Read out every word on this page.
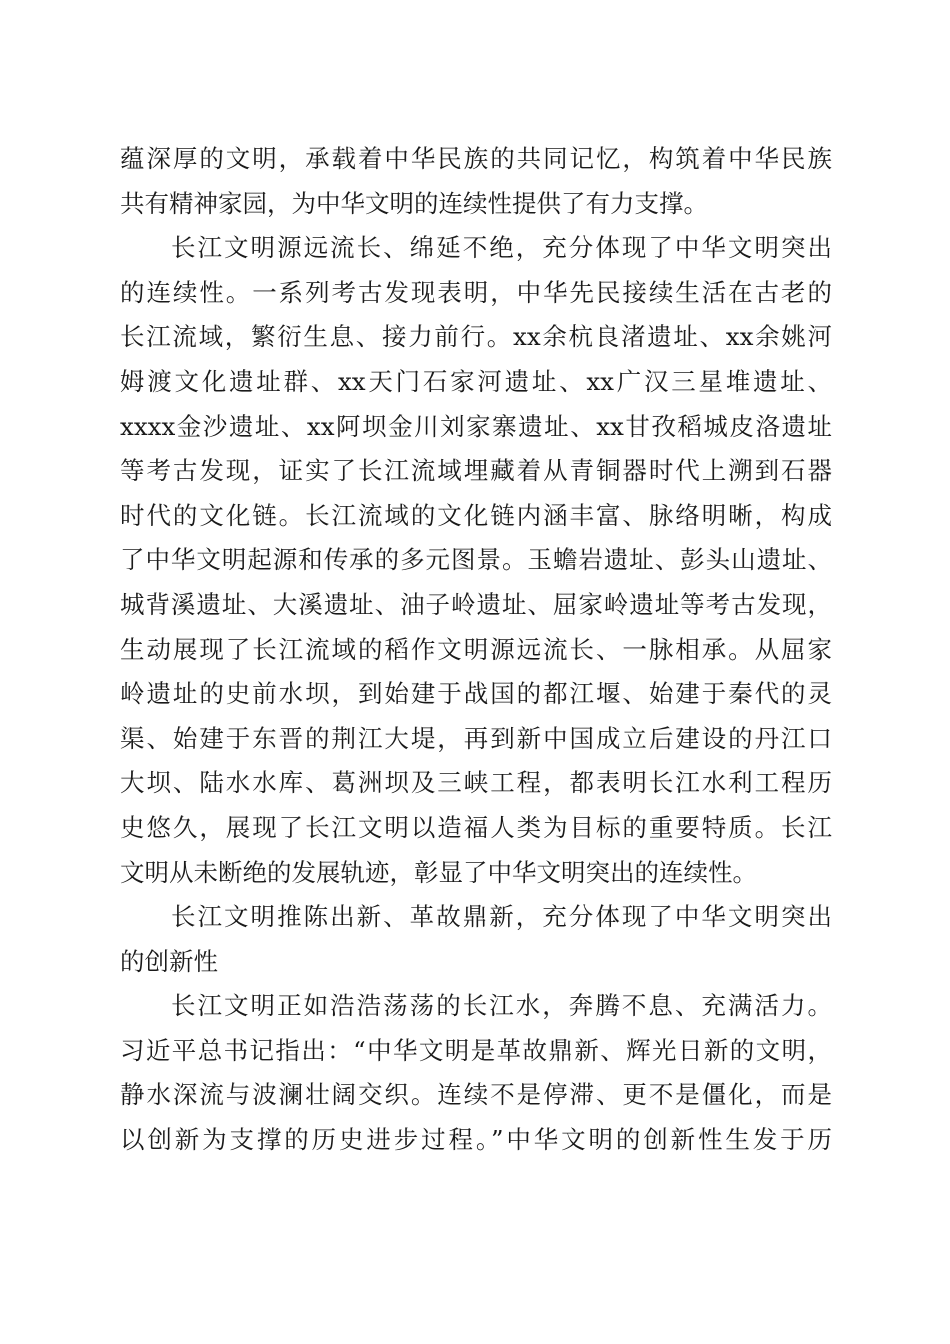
蕴深厚的文明，承载着中华民族的共同记忆，构筑着中华民族
共有精神家园，为中华文明的连续性提供了有力支撑。
长江文明源远流长、绵延不绝，充分体现了中华文明突出
的连续性。一系列考古发现表明，中华先民接续生活在古老的
长江流域，繁衍生息、接力前行。xx余杭良渚遗址、xx余姚河
姆渡文化遗址群、xx天门石家河遗址、xx广汉三星堆遗址、
xxxx金沙遗址、xx阿坝金川刘家寨遗址、xx甘孜稻城皮洛遗址
等考古发现，证实了长江流域埋藏着从青铜器时代上溯到石器
时代的文化链。长江流域的文化链内涵丰富、脉络明晰，构成
了中华文明起源和传承的多元图景。玉蟾岩遗址、彭头山遗址、
城背溪遗址、大溪遗址、油子岭遗址、屈家岭遗址等考古发现，
生动展现了长江流域的稻作文明源远流长、一脉相承。从屈家
岭遗址的史前水坝，到始建于战国的都江堰、始建于秦代的灵
渠、始建于东晋的荆江大堤，再到新中国成立后建设的丹江口
大坝、陆水水库、葛洲坝及三峡工程，都表明长江水利工程历
史悠久，展现了长江文明以造福人类为目标的重要特质。长江
文明从未断绝的发展轨迹，彰显了中华文明突出的连续性。
长江文明推陈出新、革故鼎新，充分体现了中华文明突出
的创新性
长江文明正如浩浩荡荡的长江水，奔腾不息、充满活力。
习近平总书记指出：“中华文明是革故鼎新、辉光日新的文明，
静水深流与波澜壮阔交织。连续不是停滞、更不是僵化，而是
以创新为支撑的历史进步过程。”中华文明的创新性生发于历
